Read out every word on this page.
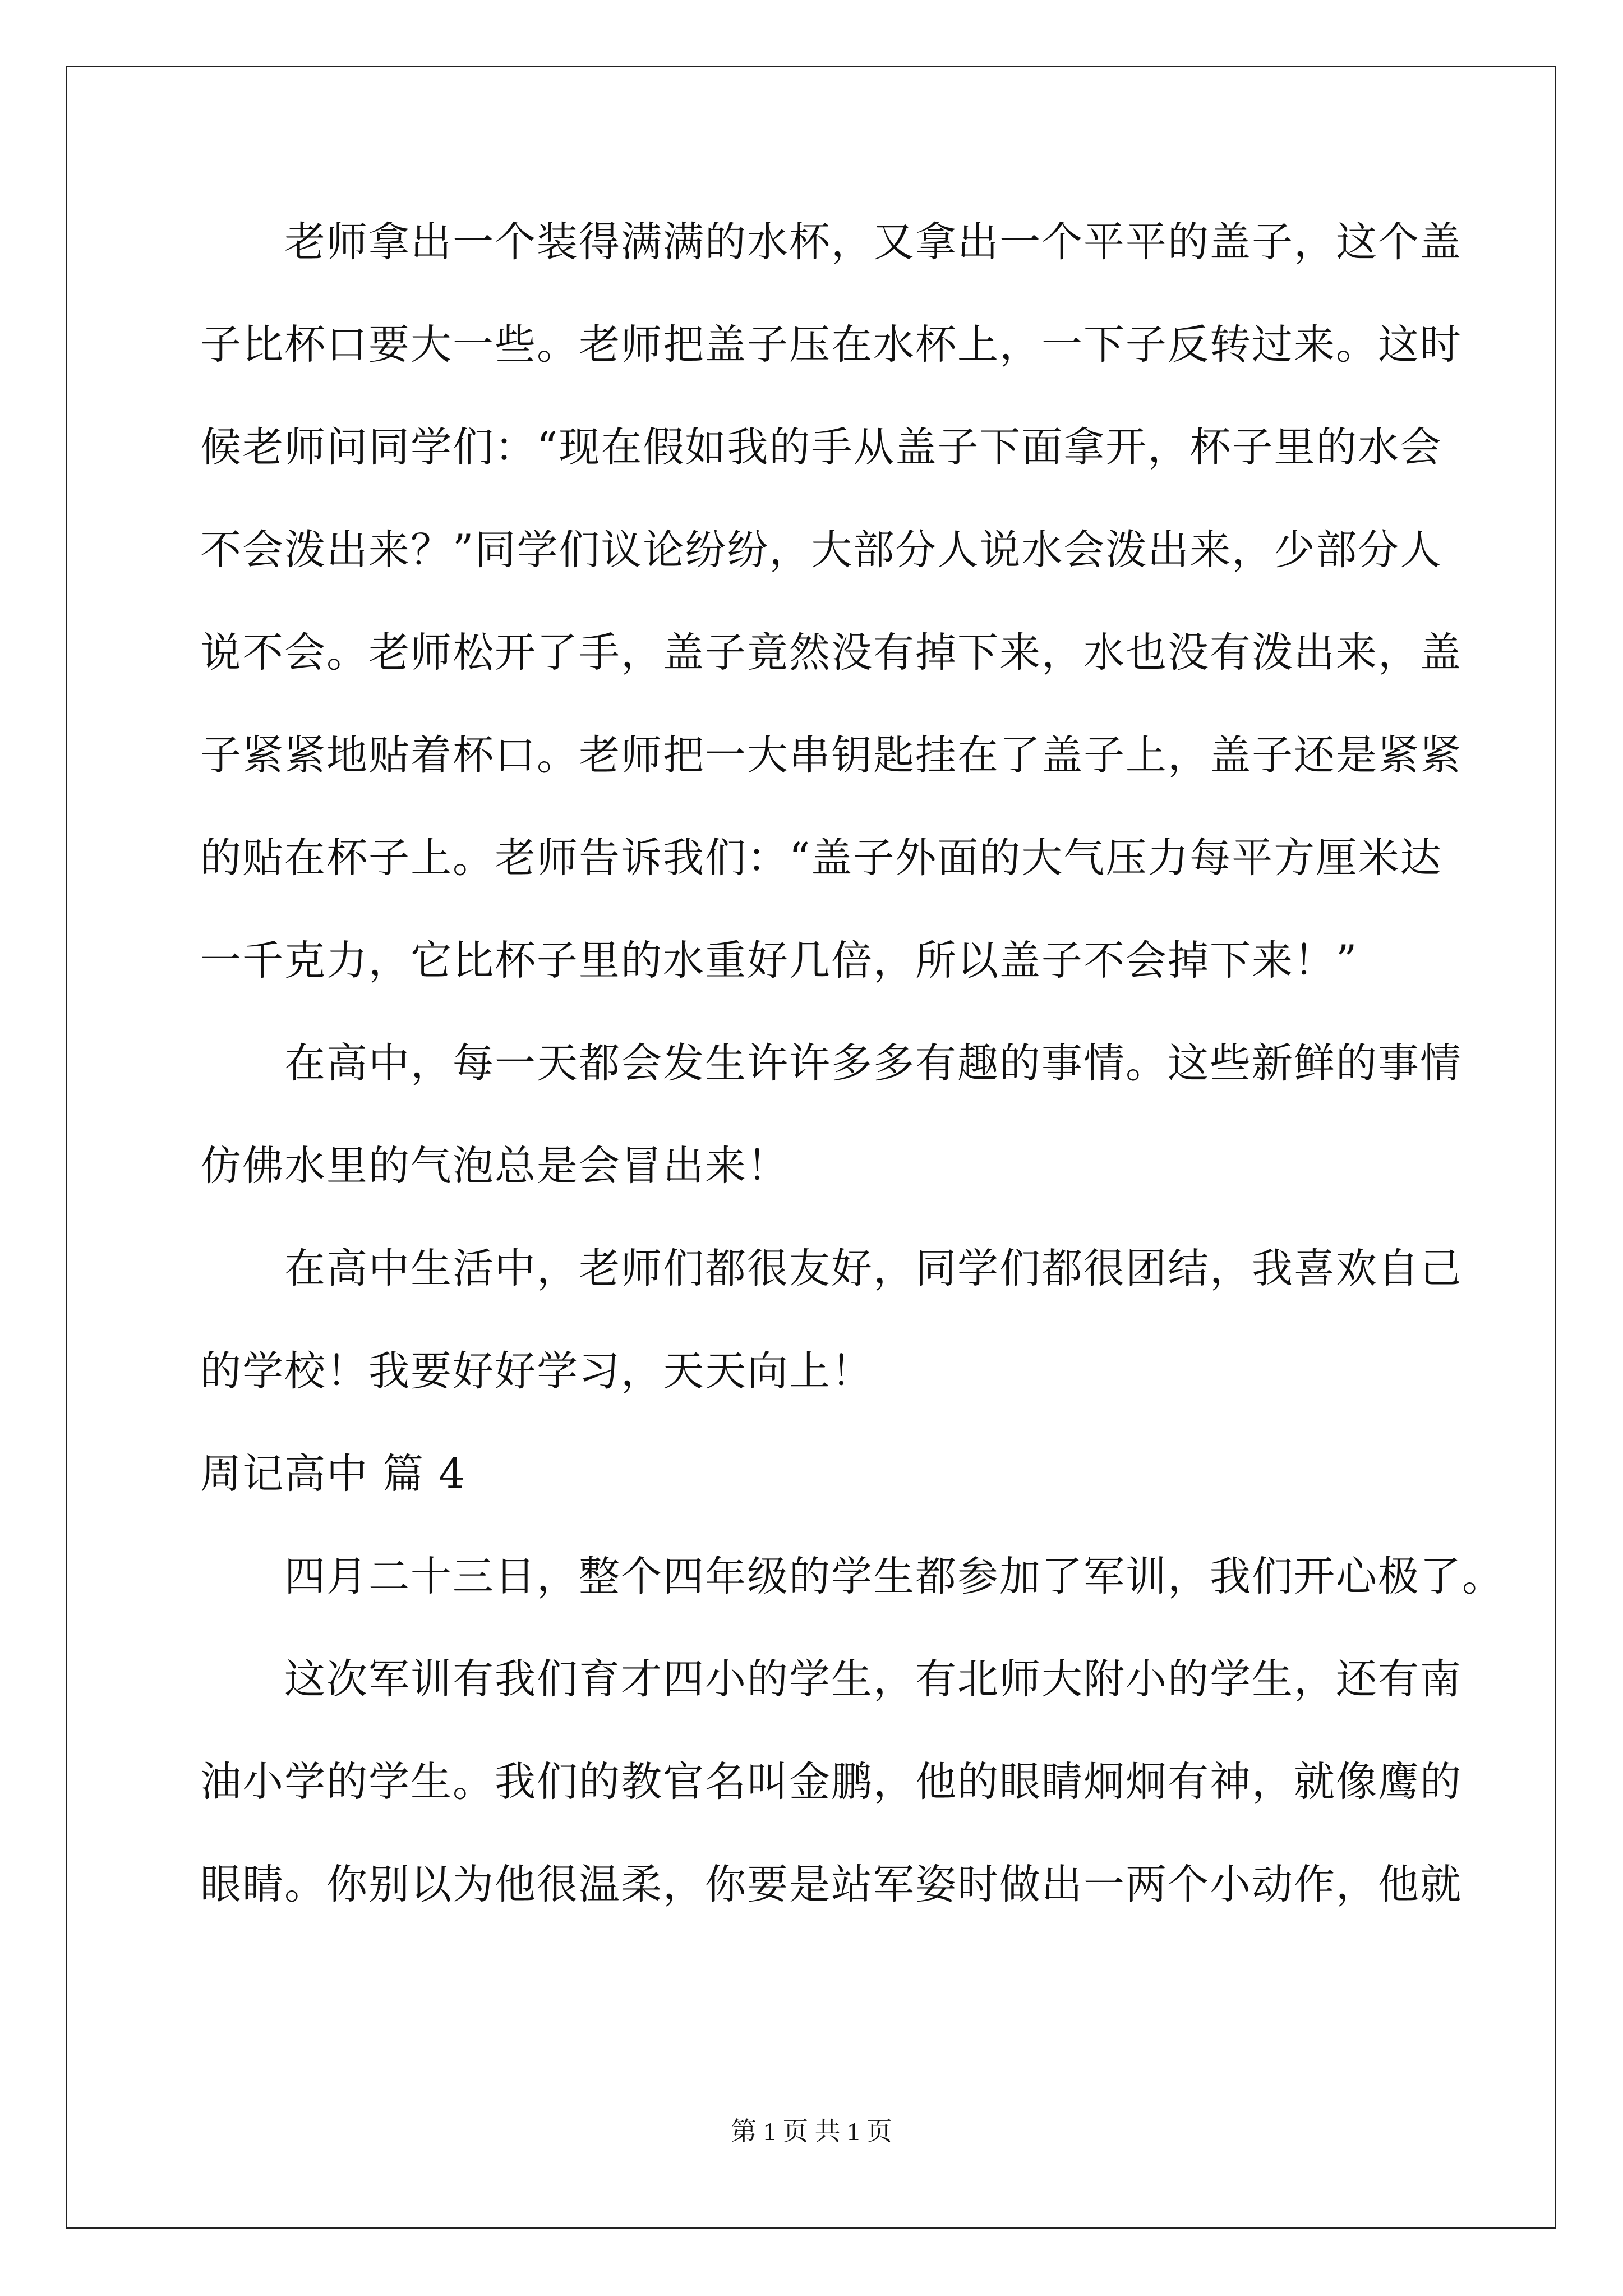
老师拿出一个装得满满的水杯，又拿出一个平平的盖子，这个盖
子比杯口要大一些。老师把盖子压在水杯上，一下子反转过来。这时
候老师问同学们：“现在假如我的手从盖子下面拿开，杯子里的水会
不会泼出来？”同学们议论纷纷，大部分人说水会泼出来，少部分人
说不会。老师松开了手，盖子竟然没有掉下来，水也没有泼出来，盖
子紧紧地贴着杯口。老师把一大串钥匙挂在了盖子上，盖子还是紧紧
的贴在杯子上。老师告诉我们：“盖子外面的大气压力每平方厘米达
一千克力，它比杯子里的水重好几倍，所以盖子不会掉下来！”
在高中，每一天都会发生许许多多有趣的事情。这些新鲜的事情
仿佛水里的气泡总是会冒出来！
在高中生活中，老师们都很友好，同学们都很团结，我喜欢自己
的学校！我要好好学习，天天向上！
周记高中 篇 4
四月二十三日，整个四年级的学生都参加了军训，我们开心极了。
这次军训有我们育才四小的学生，有北师大附小的学生，还有南
油小学的学生。我们的教官名叫金鹏，他的眼睛炯炯有神，就像鹰的
眼睛。你别以为他很温柔，你要是站军姿时做出一两个小动作，他就
第 1 页 共 1 页
